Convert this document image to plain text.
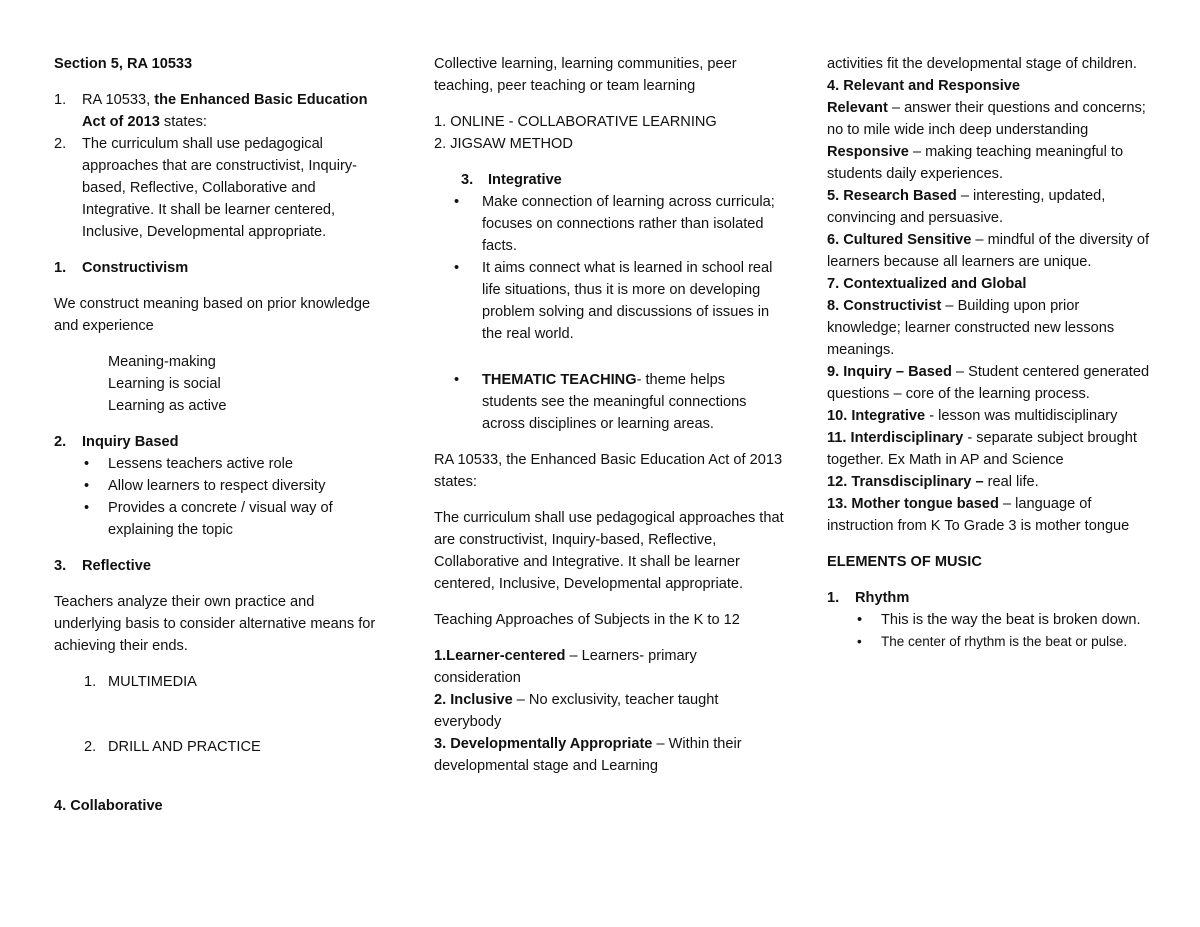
Section 5, RA 10533

1. RA 10533, the Enhanced Basic Education Act of 2013 states:
2. The curriculum shall use pedagogical approaches that are constructivist, Inquiry-based, Reflective, Collaborative and Integrative. It shall be learner centered, Inclusive, Developmental appropriate.
1. Constructivism

We construct meaning based on prior knowledge and experience

Meaning-making

Learning is social

Learning as active

2. Inquiry Based
• Lessens teachers active role
• Allow learners to respect diversity
• Provides a concrete / visual way of explaining the topic
3. Reflective

Teachers analyze their own practice and underlying basis to consider alternative means for achieving their ends.

1. MULTIMEDIA
2. DRILL AND PRACTICE

4. Collaborative

Collective learning, learning communities, peer teaching, peer teaching or team learning

1. ONLINE - COLLABORATIVE LEARNING

2. JIGSAW METHOD

3. Integrative
• Make connection of learning across curricula; focuses on connections rather than isolated facts.
• It aims connect what is learned in school real life situations, thus it is more on developing problem solving and discussions of issues in the real world.
• THEMATIC TEACHING- theme helps students see the meaningful connections across disciplines or learning areas.

RA 10533, the Enhanced Basic Education Act of 2013 states:

The curriculum shall use pedagogical approaches that are constructivist, Inquiry-based, Reflective, Collaborative and Integrative. It shall be learner centered, Inclusive, Developmental appropriate.

Teaching Approaches of Subjects in the K to 12

1.Learner-centered – Learners- primary consideration

2. Inclusive – No exclusivity, teacher taught everybody

3. Developmentally Appropriate – Within their developmental stage and Learning

activities fit the developmental stage of children.

4. Relevant and Responsive

Relevant – answer their questions and concerns; no to mile wide inch deep understanding

Responsive – making teaching meaningful to students daily experiences.

5. Research Based – interesting, updated, convincing and persuasive.

6. Cultured Sensitive – mindful of the diversity of learners because all learners are unique.

7. Contextualized and Global

8. Constructivist – Building upon prior knowledge; learner constructed new lessons meanings.

9. Inquiry – Based – Student centered generated questions – core of the learning process.

10. Integrative - lesson was multidisciplinary

11. Interdisciplinary - separate subject brought together. Ex Math in AP and Science

12. Transdisciplinary – real life.

13. Mother tongue based – language of instruction from K To Grade 3 is mother tongue

ELEMENTS OF MUSIC

1. Rhythm
• This is the way the beat is broken down.
• The center of rhythm is the beat or pulse.
